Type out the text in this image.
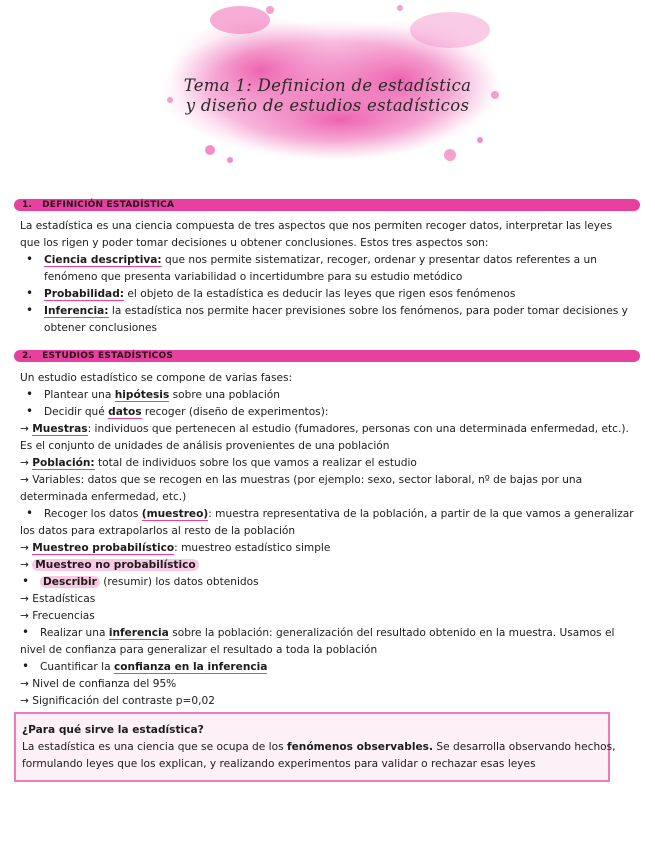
Tema 1: Definicion de estadística
y diseño de estudios estadísticos
1. DEFINICIÓN ESTADÍSTICA
La estadística es una ciencia compuesta de tres aspectos que nos permiten recoger datos, interpretar las leyes
que los rigen y poder tomar decisiones u obtener conclusiones. Estos tres aspectos son:
• Ciencia descriptiva: que nos permite sistematizar, recoger, ordenar y presentar datos referentes a un
fenómeno que presenta variabilidad o incertidumbre para su estudio metódico
• Probabilidad: el objeto de la estadística es deducir las leyes que rigen esos fenómenos
• Inferencia: la estadística nos permite hacer previsiones sobre los fenómenos, para poder tomar decisiones y
obtener conclusiones
2. ESTUDIOS ESTADÍSTICOS
Un estudio estadístico se compone de varias fases:
• Plantear una hipótesis sobre una población
• Decidir qué datos recoger (diseño de experimentos):
→ Muestras: individuos que pertenecen al estudio (fumadores, personas con una determinada enfermedad, etc.).
Es el conjunto de unidades de análisis provenientes de una población
→ Población: total de individuos sobre los que vamos a realizar el estudio
→ Variables: datos que se recogen en las muestras (por ejemplo: sexo, sector laboral, nº de bajas por una
determinada enfermedad, etc.)
• Recoger los datos (muestreo): muestra representativa de la población, a partir de la que vamos a generalizar
los datos para extrapolarlos al resto de la población
→ Muestreo probabilístico: muestreo estadístico simple
→ Muestreo no probabilístico
• Describir (resumir) los datos obtenidos
→ Estadísticas
→ Frecuencias
• Realizar una inferencia sobre la población: generalización del resultado obtenido en la muestra. Usamos el
nivel de confianza para generalizar el resultado a toda la población
• Cuantificar la confianza en la inferencia
→ Nivel de confianza del 95%
→ Significación del contraste p=0,02
¿Para qué sirve la estadística?
La estadística es una ciencia que se ocupa de los fenómenos observables. Se desarrolla observando hechos,
formulando leyes que los explican, y realizando experimentos para validar o rechazar esas leyes
